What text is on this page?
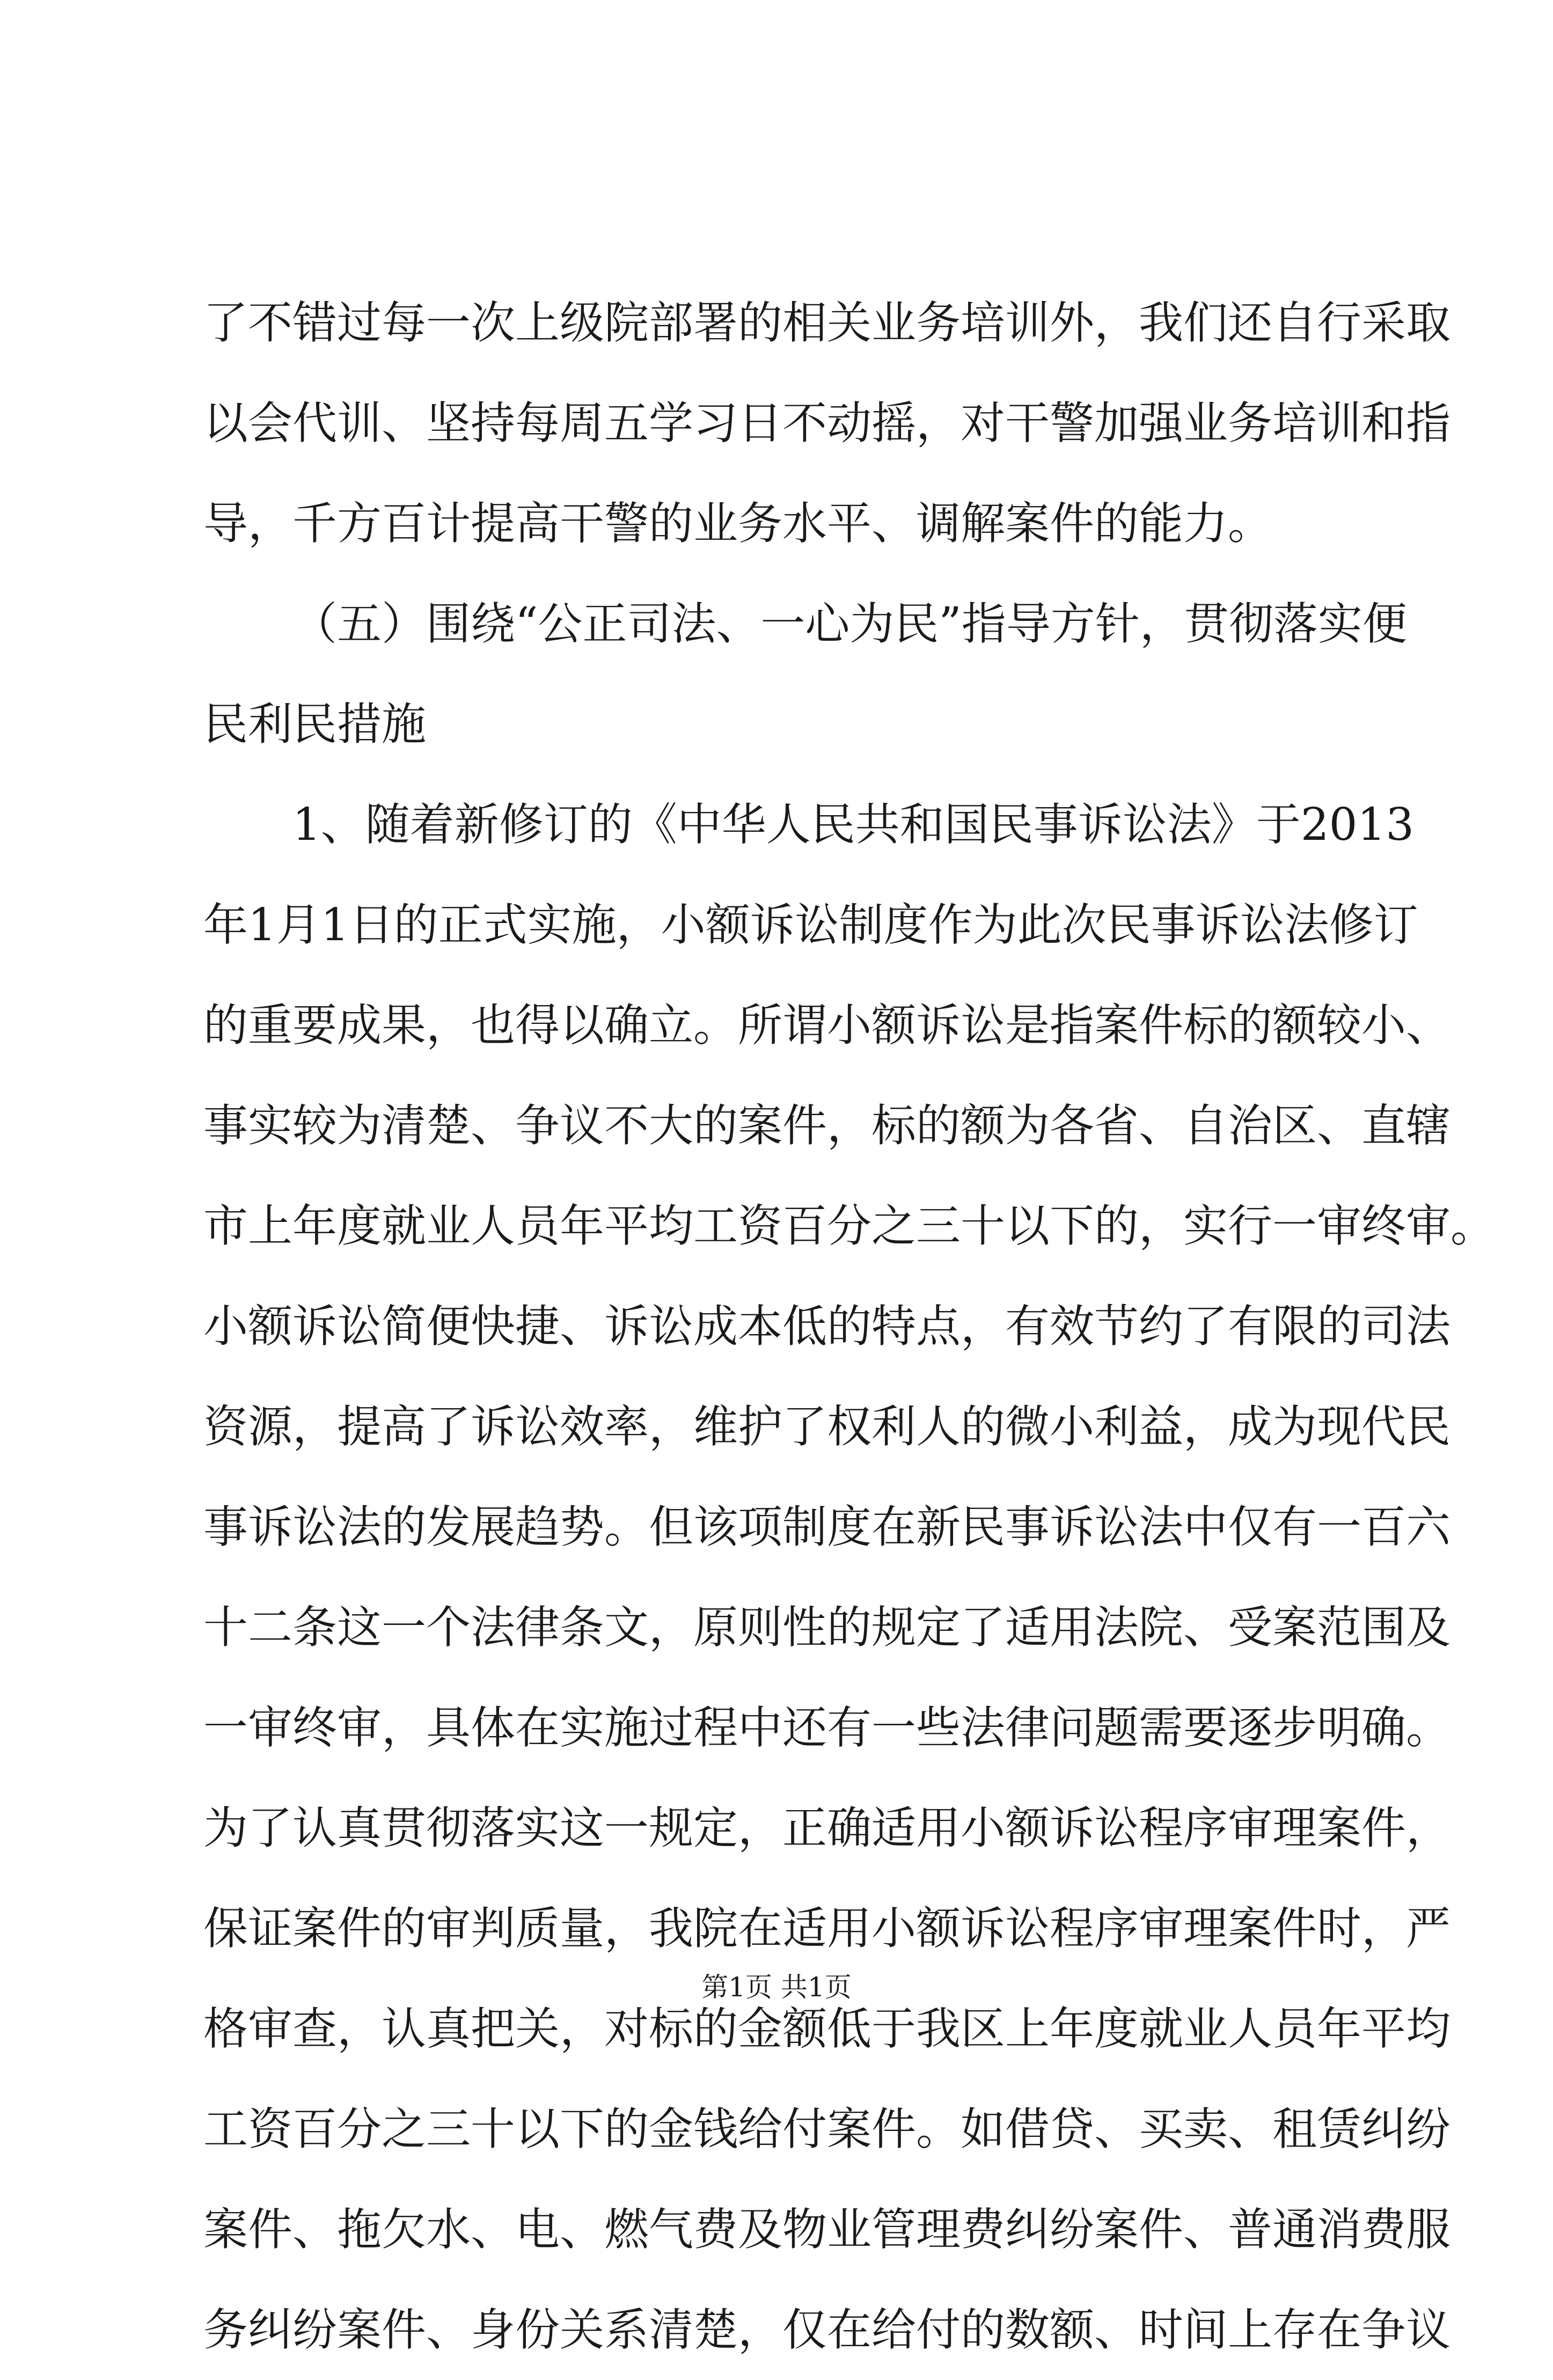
了不错过每一次上级院部署的相关业务培训外，我们还自行采取
以会代训、坚持每周五学习日不动摇，对干警加强业务培训和指
导，千方百计提高干警的业务水平、调解案件的能力。
（五）围绕“公正司法、一心为民”指导方针，贯彻落实便
民利民措施
1、随着新修订的《中华人民共和国民事诉讼法》于2013
年1月1日的正式实施，小额诉讼制度作为此次民事诉讼法修订
的重要成果，也得以确立。所谓小额诉讼是指案件标的额较小、
事实较为清楚、争议不大的案件，标的额为各省、自治区、直辖
市上年度就业人员年平均工资百分之三十以下的，实行一审终审。
小额诉讼简便快捷、诉讼成本低的特点，有效节约了有限的司法
资源，提高了诉讼效率，维护了权利人的微小利益，成为现代民
事诉讼法的发展趋势。但该项制度在新民事诉讼法中仅有一百六
十二条这一个法律条文，原则性的规定了适用法院、受案范围及
一审终审，具体在实施过程中还有一些法律问题需要逐步明确。
为了认真贯彻落实这一规定，正确适用小额诉讼程序审理案件，
保证案件的审判质量，我院在适用小额诉讼程序审理案件时，严
格审查，认真把关，对标的金额低于我区上年度就业人员年平均
工资百分之三十以下的金钱给付案件。如借贷、买卖、租赁纠纷
案件、拖欠水、电、燃气费及物业管理费纠纷案件、普通消费服
务纠纷案件、身份关系清楚，仅在给付的数额、时间上存在争议
第1页 共1页
